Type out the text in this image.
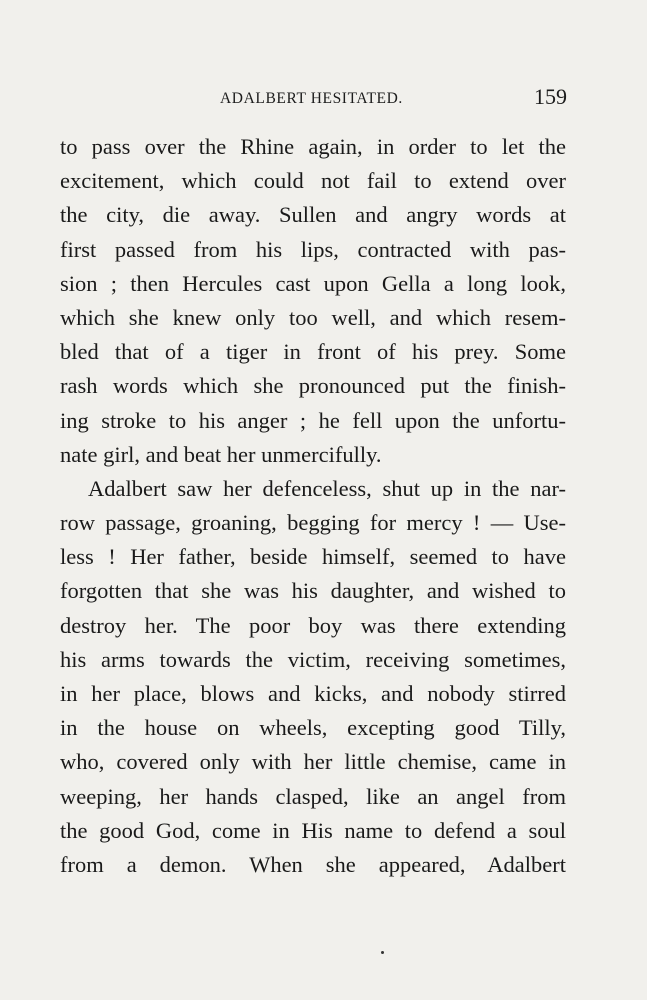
ADALBERT HESITATED.	159
to pass over the Rhine again, in order to let the
excitement, which could not fail to extend over
the city, die away. Sullen and angry words at
first passed from his lips, contracted with pas-
sion ; then Hercules cast upon Gella a long look,
which she knew only too well, and which resem-
bled that of a tiger in front of his prey. Some
rash words which she pronounced put the finish-
ing stroke to his anger ; he fell upon the unfortu-
nate girl, and beat her unmercifully.
Adalbert saw her defenceless, shut up in the nar-
row passage, groaning, begging for mercy ! — Use-
less ! Her father, beside himself, seemed to have
forgotten that she was his daughter, and wished to
destroy her. The poor boy was there extending
his arms towards the victim, receiving sometimes,
in her place, blows and kicks, and nobody stirred
in the house on wheels, excepting good Tilly,
who, covered only with her little chemise, came in
weeping, her hands clasped, like an angel from
the good God, come in His name to defend a soul
from a demon. When she appeared, Adalbert
